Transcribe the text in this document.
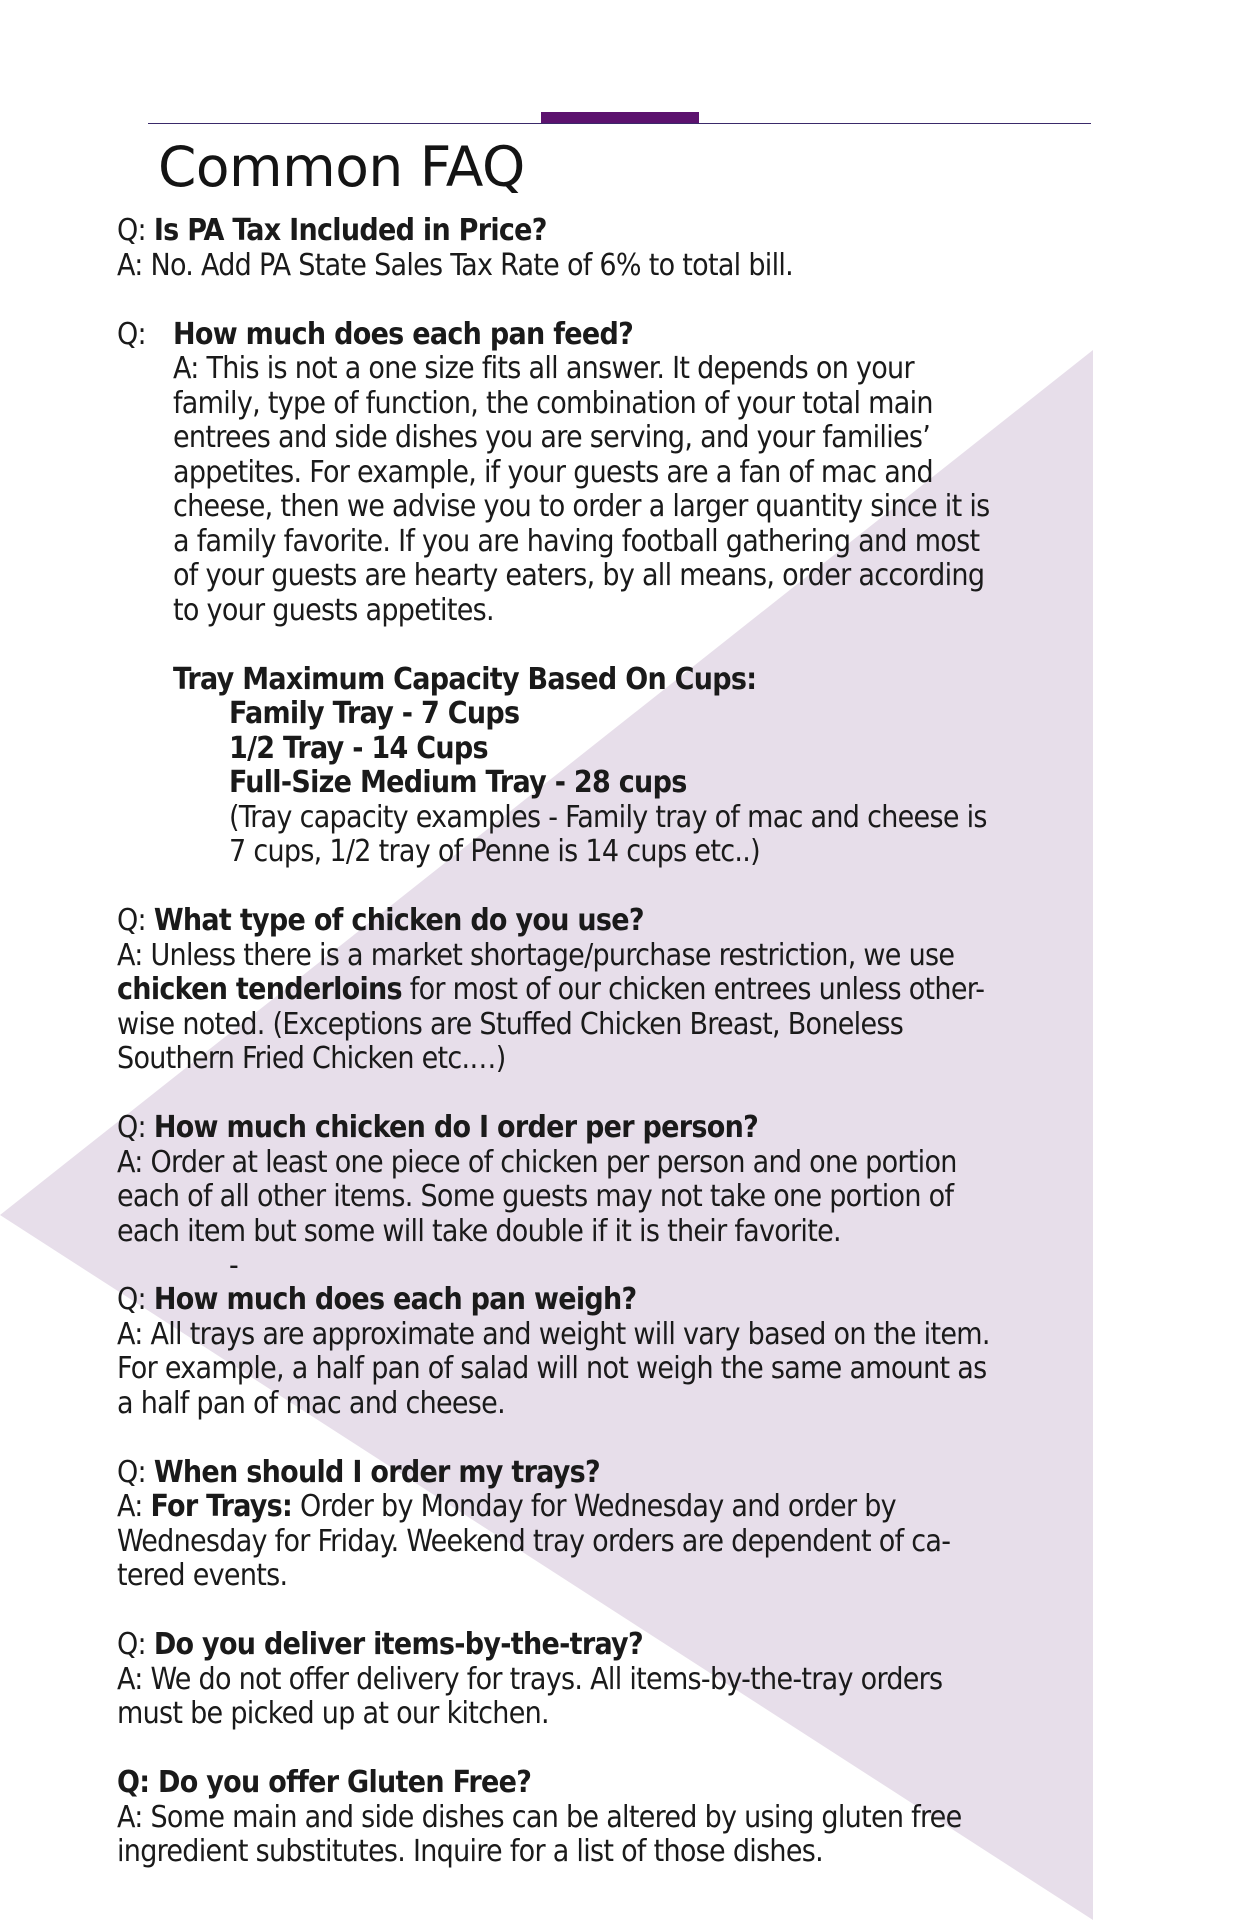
Common FAQ

Q: Is PA Tax Included in Price?

A: No. Add PA State Sales Tax Rate of 6% to total bill.

Q: How much does each pan feed?

A: This is not a one size fits all answer. It depends on your

family, type of function, the combination of your total main

entrees and side dishes you are serving, and your families’

appetites. For example, if your guests are a fan of mac and

cheese, then we advise you to order a larger quantity since it is

a family favorite. If you are having football gathering and most

of your guests are hearty eaters, by all means, order according

to your guests appetites.

Tray Maximum Capacity Based On Cups:

Family Tray - 7 Cups

1/2 Tray - 14 Cups

Full-Size Medium Tray - 28 cups

(Tray capacity examples - Family tray of mac and cheese is

7 cups, 1/2 tray of Penne is 14 cups etc..)

Q: What type of chicken do you use?

A: Unless there is a market shortage/purchase restriction, we use

chicken tenderloins for most of our chicken entrees unless other-

wise noted. (Exceptions are Stuffed Chicken Breast, Boneless

Southern Fried Chicken etc.…)

Q: How much chicken do I order per person?

A: Order at least one piece of chicken per person and one portion

each of all other items. Some guests may not take one portion of

each item but some will take double if it is their favorite.

-

Q: How much does each pan weigh?

A: All trays are approximate and weight will vary based on the item.

For example, a half pan of salad will not weigh the same amount as

a half pan of mac and cheese.

Q: When should I order my trays?

A: For Trays: Order by Monday for Wednesday and order by

Wednesday for Friday. Weekend tray orders are dependent of ca-

tered events.

Q: Do you deliver items-by-the-tray?

A: We do not offer delivery for trays. All items-by-the-tray orders

must be picked up at our kitchen.

Q: Do you offer Gluten Free?

A: Some main and side dishes can be altered by using gluten free

ingredient substitutes. Inquire for a list of those dishes.
